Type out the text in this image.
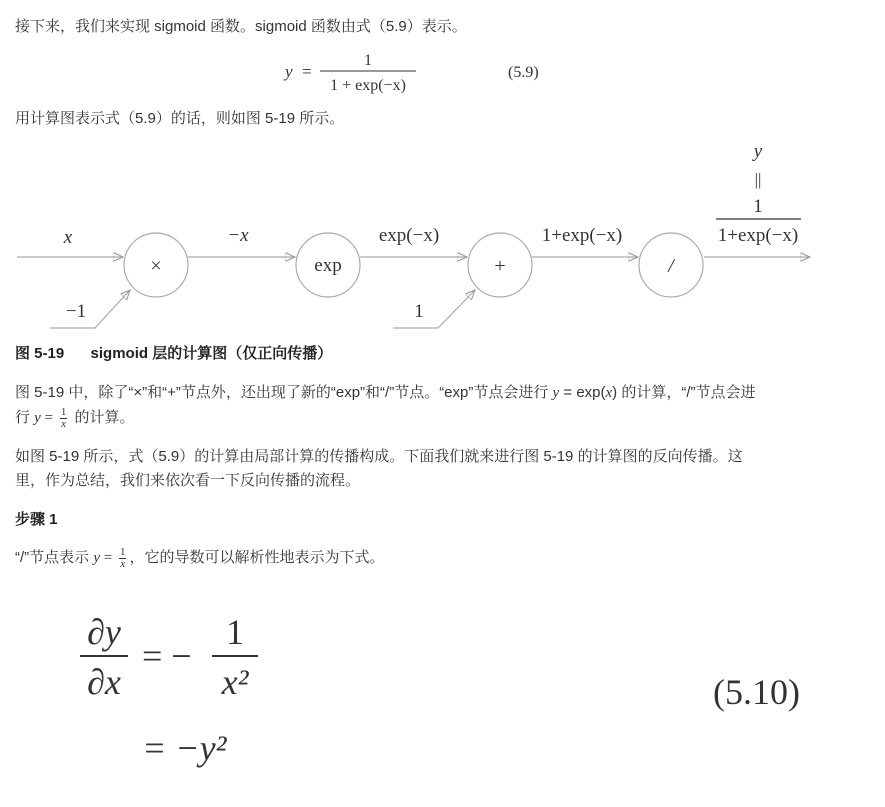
接下来，我们来实现 sigmoid 函数。sigmoid 函数由式（5.9）表示。
y =
1
1 + exp(−x)
(5.9)
用计算图表示式（5.9）的话，则如图 5-19 所示。
×	exp	+	/
x	−x	exp(−x)	1+exp(−x)
−1	1
y
||
1
1+exp(−x)
图 5-19 sigmoid 层的计算图（仅正向传播）
图 5-19 中，除了“×”和“+”节点外，还出现了新的“exp”和“/”节点。“exp”节点会进行 y = exp(x) 的计算，“/”节点会进
行 $y = \frac{1}{x}$ 的计算。
如图 5-19 所示，式（5.9）的计算由局部计算的传播构成。下面我们就来进行图 5-19 的计算图的反向传播。这
里，作为总结，我们来依次看一下反向传播的流程。
步骤 1
“/”节点表示 $y = \frac{1}{x}$ ，它的导数可以解析性地表示为下式。
∂y
∂x
= −
1
x²
= −y²
(5.10)
